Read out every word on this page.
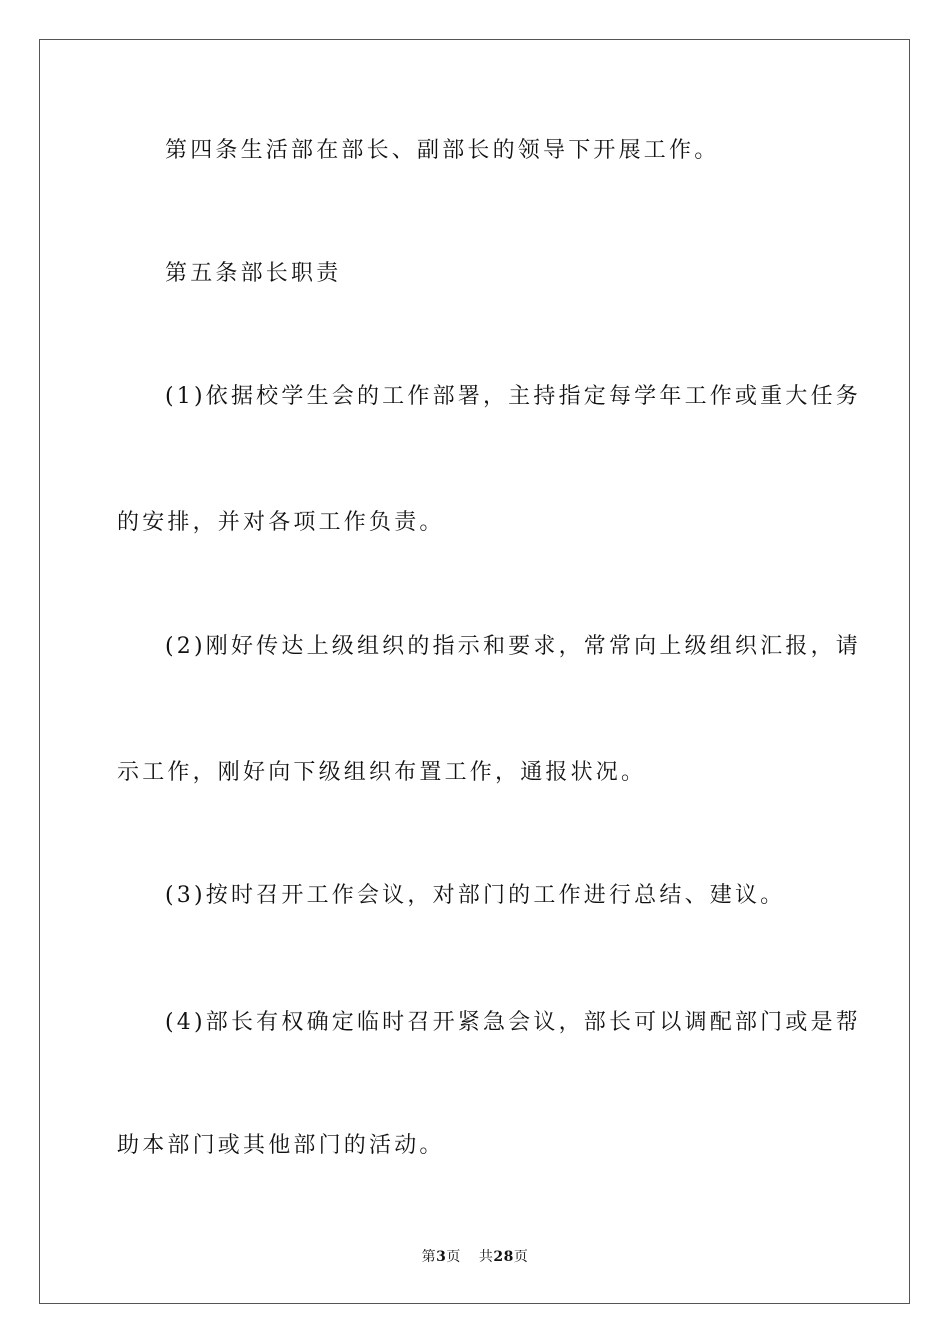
第四条生活部在部长、副部长的领导下开展工作。
第五条部长职责
(1)依据校学生会的工作部署，主持指定每学年工作或重大任务
的安排，并对各项工作负责。
(2)刚好传达上级组织的指示和要求，常常向上级组织汇报，请
示工作，刚好向下级组织布置工作，通报状况。
(3)按时召开工作会议，对部门的工作进行总结、建议。
(4)部长有权确定临时召开紧急会议，部长可以调配部门或是帮
助本部门或其他部门的活动。
第3页 共28页
